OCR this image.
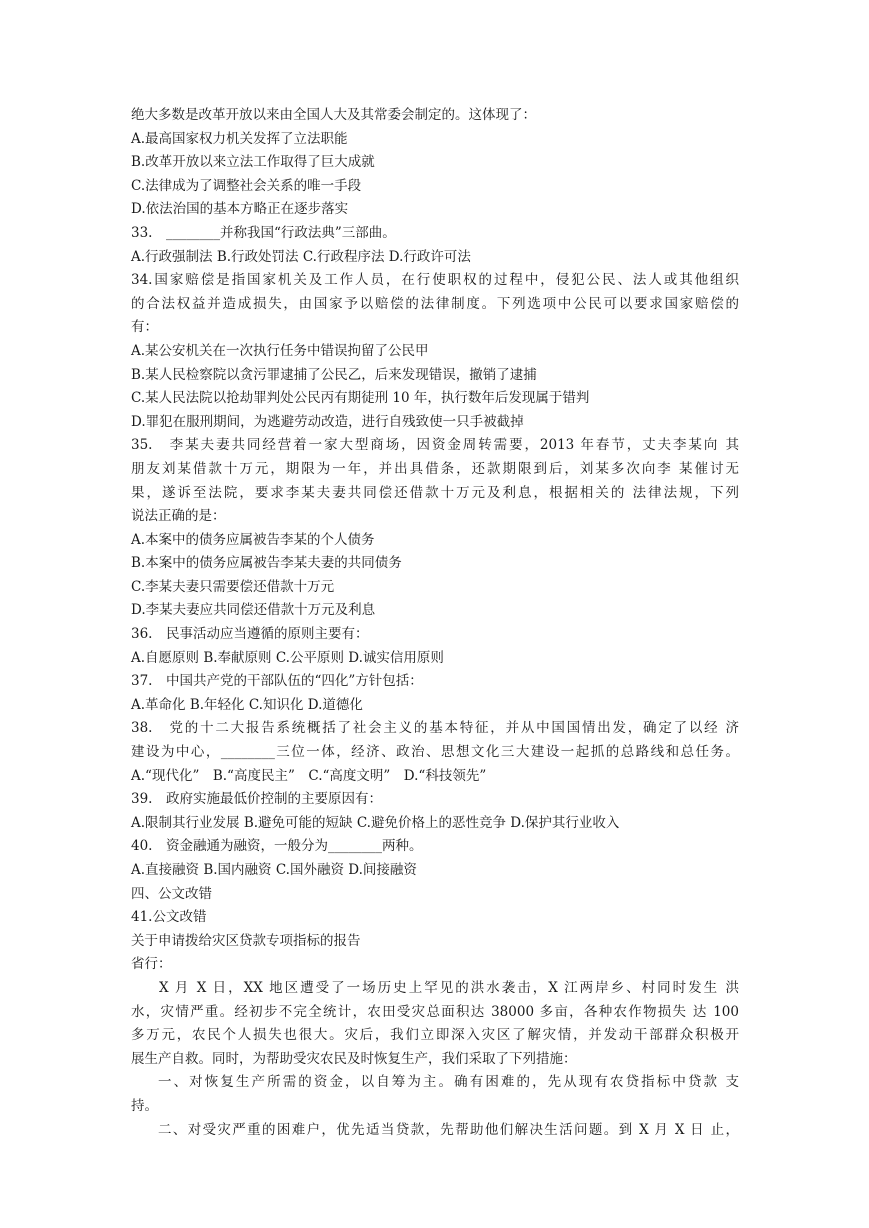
绝大多数是改革开放以来由全国人大及其常委会制定的。这体现了：
A.最高国家权力机关发挥了立法职能
B.改革开放以来立法工作取得了巨大成就
C.法律成为了调整社会关系的唯一手段
D.依法治国的基本方略正在逐步落实
33.　________并称我国“行政法典”三部曲。
A.行政强制法 B.行政处罚法 C.行政程序法 D.行政许可法
34.国家赔偿是指国家机关及工作人员，在行使职权的过程中，侵犯公民、法人或其他组织
的合法权益并造成损失，由国家予以赔偿的法律制度。下列选项中公民可以要求国家赔偿的
有：
A.某公安机关在一次执行任务中错误拘留了公民甲
B.某人民检察院以贪污罪逮捕了公民乙，后来发现错误，撤销了逮捕
C.某人民法院以抢劫罪判处公民丙有期徒刑 10 年，执行数年后发现属于错判
D.罪犯在服刑期间，为逃避劳动改造，进行自残致使一只手被截掉
35.　李某夫妻共同经营着一家大型商场，因资金周转需要，2013 年春节，丈夫李某向 其
朋友刘某借款十万元，期限为一年，并出具借条，还款期限到后，刘某多次向李 某催讨无
果，遂诉至法院，要求李某夫妻共同偿还借款十万元及利息，根据相关的 法律法规，下列
说法正确的是：
A.本案中的债务应属被告李某的个人债务
B.本案中的债务应属被告李某夫妻的共同债务
C.李某夫妻只需要偿还借款十万元
D.李某夫妻应共同偿还借款十万元及利息
36.　民事活动应当遵循的原则主要有：
A.自愿原则 B.奉献原则 C.公平原则 D.诚实信用原则
37.　中国共产党的干部队伍的“四化”方针包括：
A.革命化 B.年轻化 C.知识化 D.道德化
38.　党的十二大报告系统概括了社会主义的基本特征，并从中国国情出发，确定了以经 济
建设为中心，________三位一体，经济、政治、思想文化三大建设一起抓的总路线和总任务。
A.“现代化”　B.“高度民主”　C.“高度文明”　D.“科技领先”
39.　政府实施最低价控制的主要原因有：
A.限制其行业发展 B.避免可能的短缺 C.避免价格上的恶性竞争 D.保护其行业收入
40.　资金融通为融资，一般分为________两种。
A.直接融资 B.国内融资 C.国外融资 D.间接融资
四、公文改错
41.公文改错
关于申请拨给灾区贷款专项指标的报告
省行：
X 月 X 日，XX 地区遭受了一场历史上罕见的洪水袭击，X 江两岸乡、村同时发生 洪
水，灾情严重。经初步不完全统计，农田受灾总面积达 38000 多亩，各种农作物损失 达 100
多万元，农民个人损失也很大。灾后，我们立即深入灾区了解灾情，并发动干部群众积极开
展生产自救。同时，为帮助受灾农民及时恢复生产，我们采取了下列措施：
一、对恢复生产所需的资金，以自筹为主。确有困难的，先从现有农贷指标中贷款 支
持。
二、对受灾严重的困难户，优先适当贷款，先帮助他们解决生活问题。到 X 月 X 日 止，
